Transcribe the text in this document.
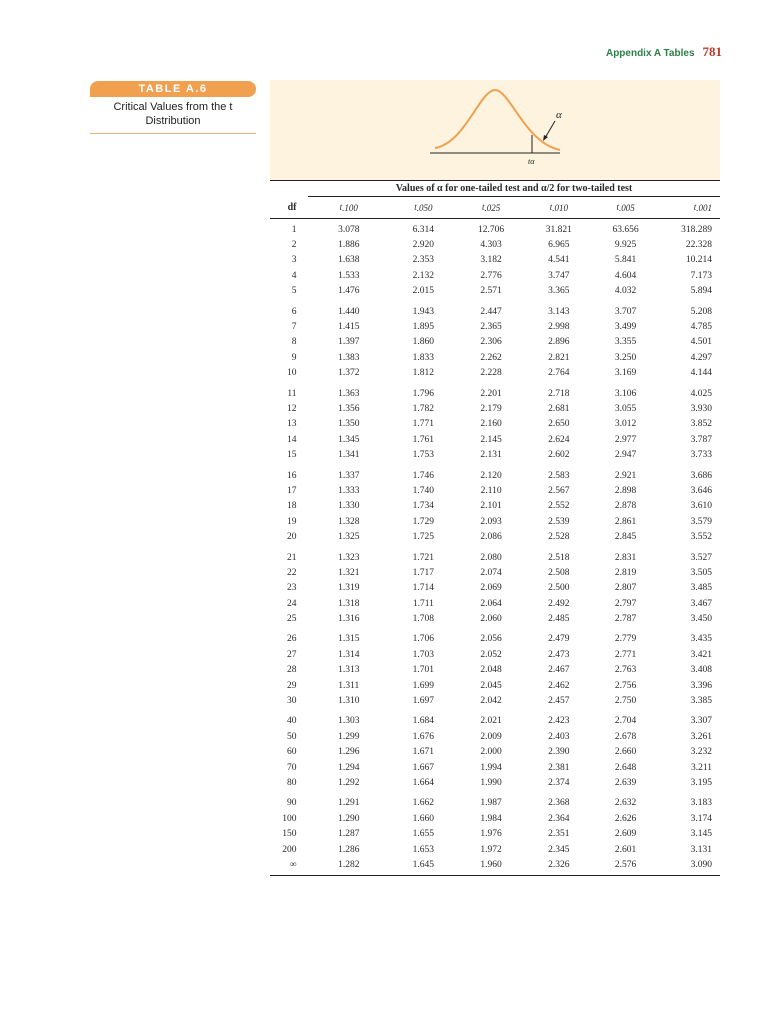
Appendix A Tables 781
TABLE A.6
Critical Values from the t Distribution	α
tα
Values of α for one-tailed test and α/2 for two-tailed test
df	t.100	t.050	t.025	t.010	t.005	t.001
1	3.078	6.314	12.706	31.821	63.656	318.289
2	1.886	2.920	4.303	6.965	9.925	22.328
3	1.638	2.353	3.182	4.541	5.841	10.214
4	1.533	2.132	2.776	3.747	4.604	7.173
5	1.476	2.015	2.571	3.365	4.032	5.894
6	1.440	1.943	2.447	3.143	3.707	5.208
7	1.415	1.895	2.365	2.998	3.499	4.785
8	1.397	1.860	2.306	2.896	3.355	4.501
9	1.383	1.833	2.262	2.821	3.250	4.297
10	1.372	1.812	2.228	2.764	3.169	4.144
11	1.363	1.796	2.201	2.718	3.106	4.025
12	1.356	1.782	2.179	2.681	3.055	3.930
13	1.350	1.771	2.160	2.650	3.012	3.852
14	1.345	1.761	2.145	2.624	2.977	3.787
15	1.341	1.753	2.131	2.602	2.947	3.733
16	1.337	1.746	2.120	2.583	2.921	3.686
17	1.333	1.740	2.110	2.567	2.898	3.646
18	1.330	1.734	2.101	2.552	2.878	3.610
19	1.328	1.729	2.093	2.539	2.861	3.579
20	1.325	1.725	2.086	2.528	2.845	3.552
21	1.323	1.721	2.080	2.518	2.831	3.527
22	1.321	1.717	2.074	2.508	2.819	3.505
23	1.319	1.714	2.069	2.500	2.807	3.485
24	1.318	1.711	2.064	2.492	2.797	3.467
25	1.316	1.708	2.060	2.485	2.787	3.450
26	1.315	1.706	2.056	2.479	2.779	3.435
27	1.314	1.703	2.052	2.473	2.771	3.421
28	1.313	1.701	2.048	2.467	2.763	3.408
29	1.311	1.699	2.045	2.462	2.756	3.396
30	1.310	1.697	2.042	2.457	2.750	3.385
40	1.303	1.684	2.021	2.423	2.704	3.307
50	1.299	1.676	2.009	2.403	2.678	3.261
60	1.296	1.671	2.000	2.390	2.660	3.232
70	1.294	1.667	1.994	2.381	2.648	3.211
80	1.292	1.664	1.990	2.374	2.639	3.195
90	1.291	1.662	1.987	2.368	2.632	3.183
100	1.290	1.660	1.984	2.364	2.626	3.174
150	1.287	1.655	1.976	2.351	2.609	3.145
200	1.286	1.653	1.972	2.345	2.601	3.131
∞	1.282	1.645	1.960	2.326	2.576	3.090
